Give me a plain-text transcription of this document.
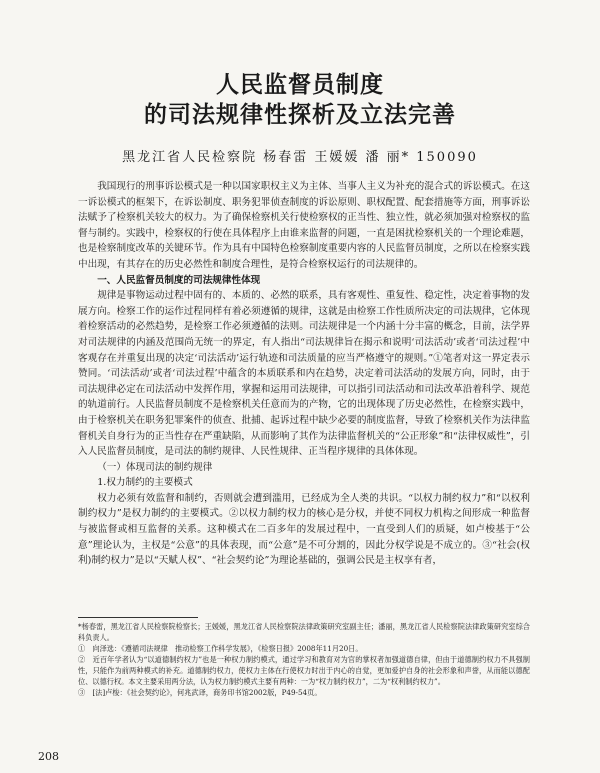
人民监督员制度
的司法规律性探析及立法完善
黑龙江省人民检察院 杨春雷 王媛媛 潘 丽* 150090

我国现行的刑事诉讼模式是一种以国家职权主义为主体、当事人主义为补充的混合式的诉讼模式。在这一诉讼模式的框架下，在诉讼制度、职务犯罪侦查制度的诉讼原则、职权配置、配套措施等方面，刑事诉讼法赋予了检察机关较大的权力。为了确保检察机关行使检察权的正当性、独立性，就必须加强对检察权的监督与制约。实践中，检察权的行使在具体程序上由谁来监督的问题，一直是困扰检察机关的一个理论难题，也是检察制度改革的关键环节。作为具有中国特色检察制度重要内容的人民监督员制度，之所以在检察实践中出现，有其存在的历史必然性和制度合理性，是符合检察权运行的司法规律的。

一、人民监督员制度的司法规律性体现

规律是事物运动过程中固有的、本质的、必然的联系，具有客观性、重复性、稳定性，决定着事物的发展方向。检察工作的运作过程同样有着必须遵循的规律，这就是由检察工作性质所决定的司法规律，它体现着检察活动的必然趋势，是检察工作必须遵循的法则。司法规律是一个内涵十分丰富的概念，目前，法学界对司法规律的内涵及范围尚无统一的界定，有人指出“司法规律旨在揭示和说明‘司法活动’或者‘司法过程’中客观存在并重复出现的决定‘司法活动’运行轨迹和司法质量的应当严格遵守的规则。”①笔者对这一界定表示赞同。‘司法活动’或者‘司法过程’中蕴含的本质联系和内在趋势，决定着司法活动的发展方向，同时，由于司法规律必定在司法活动中发挥作用，掌握和运用司法规律，可以指引司法活动和司法改革沿着科学、规范的轨道前行。人民监督员制度不是检察机关任意而为的产物，它的出现体现了历史必然性，在检察实践中，由于检察机关在职务犯罪案件的侦查、批捕、起诉过程中缺少必要的制度监督，导致了检察机关作为法律监督机关自身行为的正当性存在严重缺陷，从而影响了其作为法律监督机关的“公正形象”和“法律权威性”，引入人民监督员制度，是司法的制约规律、人民性规律、正当程序规律的具体体现。

（一）体现司法的制约规律
1.权力制约的主要模式

权力必须有效监督和制约，否则就会遭到滥用，已经成为全人类的共识。“以权力制约权力”和“以权利制约权力”是权力制约的主要模式。②以权力制约权力的核心是分权，并使不同权力机构之间形成一种监督与被监督或相互监督的关系。这种模式在二百多年的发展过程中，一直受到人们的质疑，如卢梭基于“公意”理论认为，主权是“公意”的具体表现，而“公意”是不可分割的，因此分权学说是不成立的。③“社会(权利)制约权力”是以“天赋人权”、“社会契约论”为理论基础的，强调公民是主权享有者，

*杨春雷，黑龙江省人民检察院检察长；王媛媛，黑龙江省人民检察院法律政策研究室副主任；潘丽，黑龙江省人民检察院法律政策研究室综合科负责人。

①　向泽选：《遵循司法规律　推动检察工作科学发展》，《检察日报》2008年11月20日。

②　近百年学者认为“以道德制约权力”也是一种权力制约模式，通过学习和教育对为官的掌权者加强道德自律，但由于道德制约权力不具强制性，只能作为前两种模式的补充。道德制约权力，使权力主体在行使权力时出于内心的自觉，更加爱护自身的社会形象和声誉，从而能以德配位、以德行权。本文主要采用两分法，认为权力制约模式主要有两种：一为“权力制约权力”，二为“权利制约权力”。

③　[法]卢梭：《社会契约论》，何兆武译，商务印书馆2002版，P49-54页。

208
